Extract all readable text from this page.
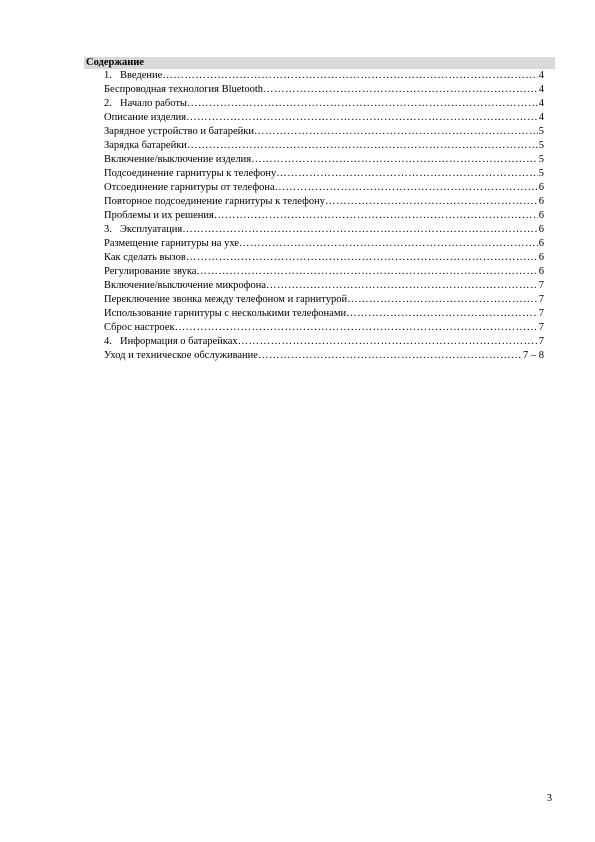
Содержание
1. Введение ……………………………………………………………………………………………………………………………………………………………………	4
Беспроводная технология Bluetooth ……………………………………………………………………………………………………………………………………………………………………	4
2. Начало работы ……………………………………………………………………………………………………………………………………………………………………	4
Описание изделия ……………………………………………………………………………………………………………………………………………………………………	4
Зарядное устройство и батарейки ……………………………………………………………………………………………………………………………………………………………………	5
Зарядка батарейки ……………………………………………………………………………………………………………………………………………………………………	5
Включение/выключение изделия ……………………………………………………………………………………………………………………………………………………………………	5
Подсоединение гарнитуры к телефону ……………………………………………………………………………………………………………………………………………………………………	5
Отсоединение гарнитуры от телефона ……………………………………………………………………………………………………………………………………………………………………	6
Повторное подсоединение гарнитуры к телефону ……………………………………………………………………………………………………………………………………………………………………	6
Проблемы и их решения ……………………………………………………………………………………………………………………………………………………………………	6
3. Эксплуатация ……………………………………………………………………………………………………………………………………………………………………	6
Размещение гарнитуры на ухе ……………………………………………………………………………………………………………………………………………………………………	6
Как сделать вызов ……………………………………………………………………………………………………………………………………………………………………	6
Регулирование звука ……………………………………………………………………………………………………………………………………………………………………	6
Включение/выключение микрофона ……………………………………………………………………………………………………………………………………………………………………	7
Переключение звонка между телефоном и гарнитурой ……………………………………………………………………………………………………………………………………………………………………	7
Использование гарнитуры с несколькими телефонами ……………………………………………………………………………………………………………………………………………………………………	7
Сброс настроек ……………………………………………………………………………………………………………………………………………………………………	7
4. Информация о батарейках ……………………………………………………………………………………………………………………………………………………………………	7
Уход и техническое обслуживание ……………………………………………………………………………………………………………………………………………………………………	7 – 8
3
